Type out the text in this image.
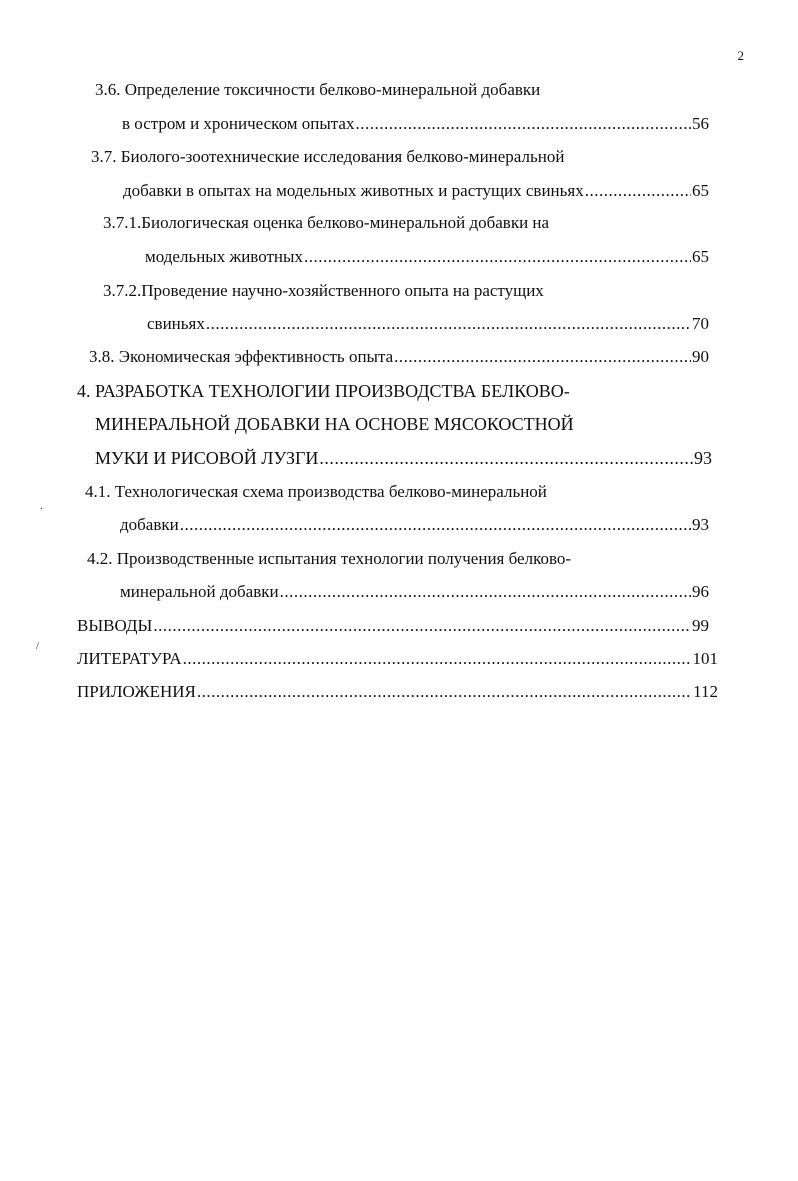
2
3.6. Определение токсичности белково-минеральной добавки
в остром и хроническом опытах .....	56
3.7. Биолого-зоотехнические исследования белково-минеральной
добавки в опытах на модельных животных и растущих свиньях .....	65
3.7.1.Биологическая оценка белково-минеральной добавки на
модельных животных .....	65
3.7.2.Проведение научно-хозяйственного опыта на растущих
свиньях .....	70
3.8. Экономическая эффективность опыта .....	90
4. РАЗРАБОТКА ТЕХНОЛОГИИ ПРОИЗВОДСТВА БЕЛКОВО-
МИНЕРАЛЬНОЙ ДОБАВКИ НА ОСНОВЕ МЯСОКОСТНОЙ
МУКИ И РИСОВОЙ ЛУЗГИ .....	93
4.1. Технологическая схема производства белково-минеральной
добавки .....	93
4.2. Производственные испытания технологии получения белково-
минеральной добавки .....	96
ВЫВОДЫ .....	99
ЛИТЕРАТУРА .....	101
ПРИЛОЖЕНИЯ .....	112
.
/
